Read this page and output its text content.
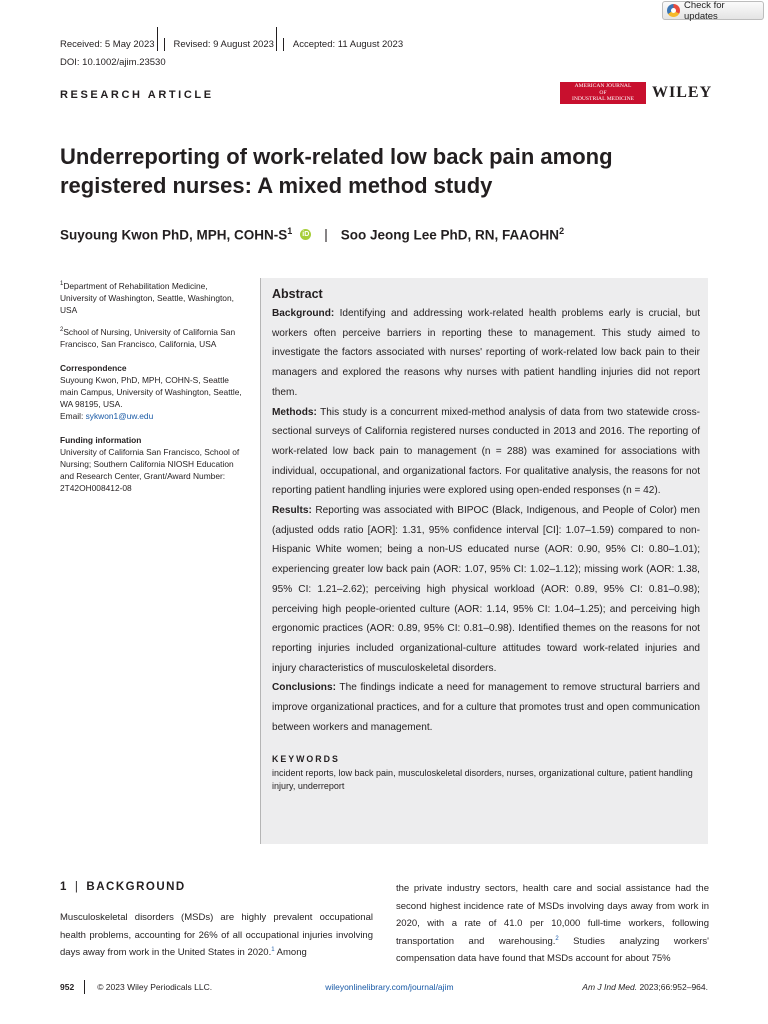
Check for updates
Received: 5 May 2023	Revised: 9 August 2023	Accepted: 11 August 2023
DOI: 10.1002/ajim.23530
RESEARCH ARTICLE
AMERICAN JOURNAL
OF
INDUSTRIAL MEDICINE	WILEY
Underreporting of work-related low back pain among registered nurses: A mixed method study
Suyoung Kwon PhD, MPH, COHN-$S^1$ iD	| Soo Jeong Lee PhD, RN, FAAOHN$^2$
$^1$Department of Rehabilitation Medicine, University of Washington, Seattle, Washington, USA
$^2$School of Nursing, University of California San Francisco, San Francisco, California, USA
Correspondence
Suyoung Kwon, PhD, MPH, COHN-S, Seattle main Campus, University of Washington, Seattle, WA 98195, USA.
Email: sykwon1@uw.edu
Funding information
University of California San Francisco, School of Nursing; Southern California NIOSH Education and Research Center, Grant/Award Number: 2T42OH008412-08
Abstract

Background: Identifying and addressing work-related health problems early is crucial, but workers often perceive barriers in reporting these to management. This study aimed to investigate the factors associated with nurses' reporting of work-related low back pain to their managers and explored the reasons why nurses with patient handling injuries did not report them.

Methods: This study is a concurrent mixed-method analysis of data from two statewide cross-sectional surveys of California registered nurses conducted in 2013 and 2016. The reporting of work-related low back pain to management (n = 288) was examined for associations with individual, occupational, and organizational factors. For qualitative analysis, the reasons for not reporting patient handling injuries were explored using open-ended responses (n = 42).

Results: Reporting was associated with BIPOC (Black, Indigenous, and People of Color) men (adjusted odds ratio [AOR]: 1.31, 95% confidence interval [CI]: 1.07–1.59) compared to non-Hispanic White women; being a non-US educated nurse (AOR: 0.90, 95% CI: 0.80–1.01); experiencing greater low back pain (AOR: 1.07, 95% CI: 1.02–1.12); missing work (AOR: 1.38, 95% CI: 1.21–2.62); perceiving high physical workload (AOR: 0.89, 95% CI: 0.81–0.98); perceiving high people-oriented culture (AOR: 1.14, 95% CI: 1.04–1.25); and perceiving high ergonomic practices (AOR: 0.89, 95% CI: 0.81–0.98). Identified themes on the reasons for not reporting injuries included organizational-culture attitudes toward work-related injuries and injury characteristics of musculoskeletal disorders.

Conclusions: The findings indicate a need for management to remove structural barriers and improve organizational practices, and for a culture that promotes trust and open communication between workers and management.

KEYWORDS
incident reports, low back pain, musculoskeletal disorders, nurses, organizational culture, patient handling injury, underreport
1 | BACKGROUND

Musculoskeletal disorders (MSDs) are highly prevalent occupational health problems, accounting for 26% of all occupational injuries involving days away from work in the United States in 2020.$^1$ Among

the private industry sectors, health care and social assistance had the second highest incidence rate of MSDs involving days away from work in 2020, with a rate of 41.0 per 10,000 full-time workers, following transportation and warehousing.$^2$ Studies analyzing workers' compensation data have found that MSDs account for about 75%

952	© 2023 Wiley Periodicals LLC.	wileyonlinelibrary.com/journal/ajim	Am J Ind Med. 2023;66:952–964.
